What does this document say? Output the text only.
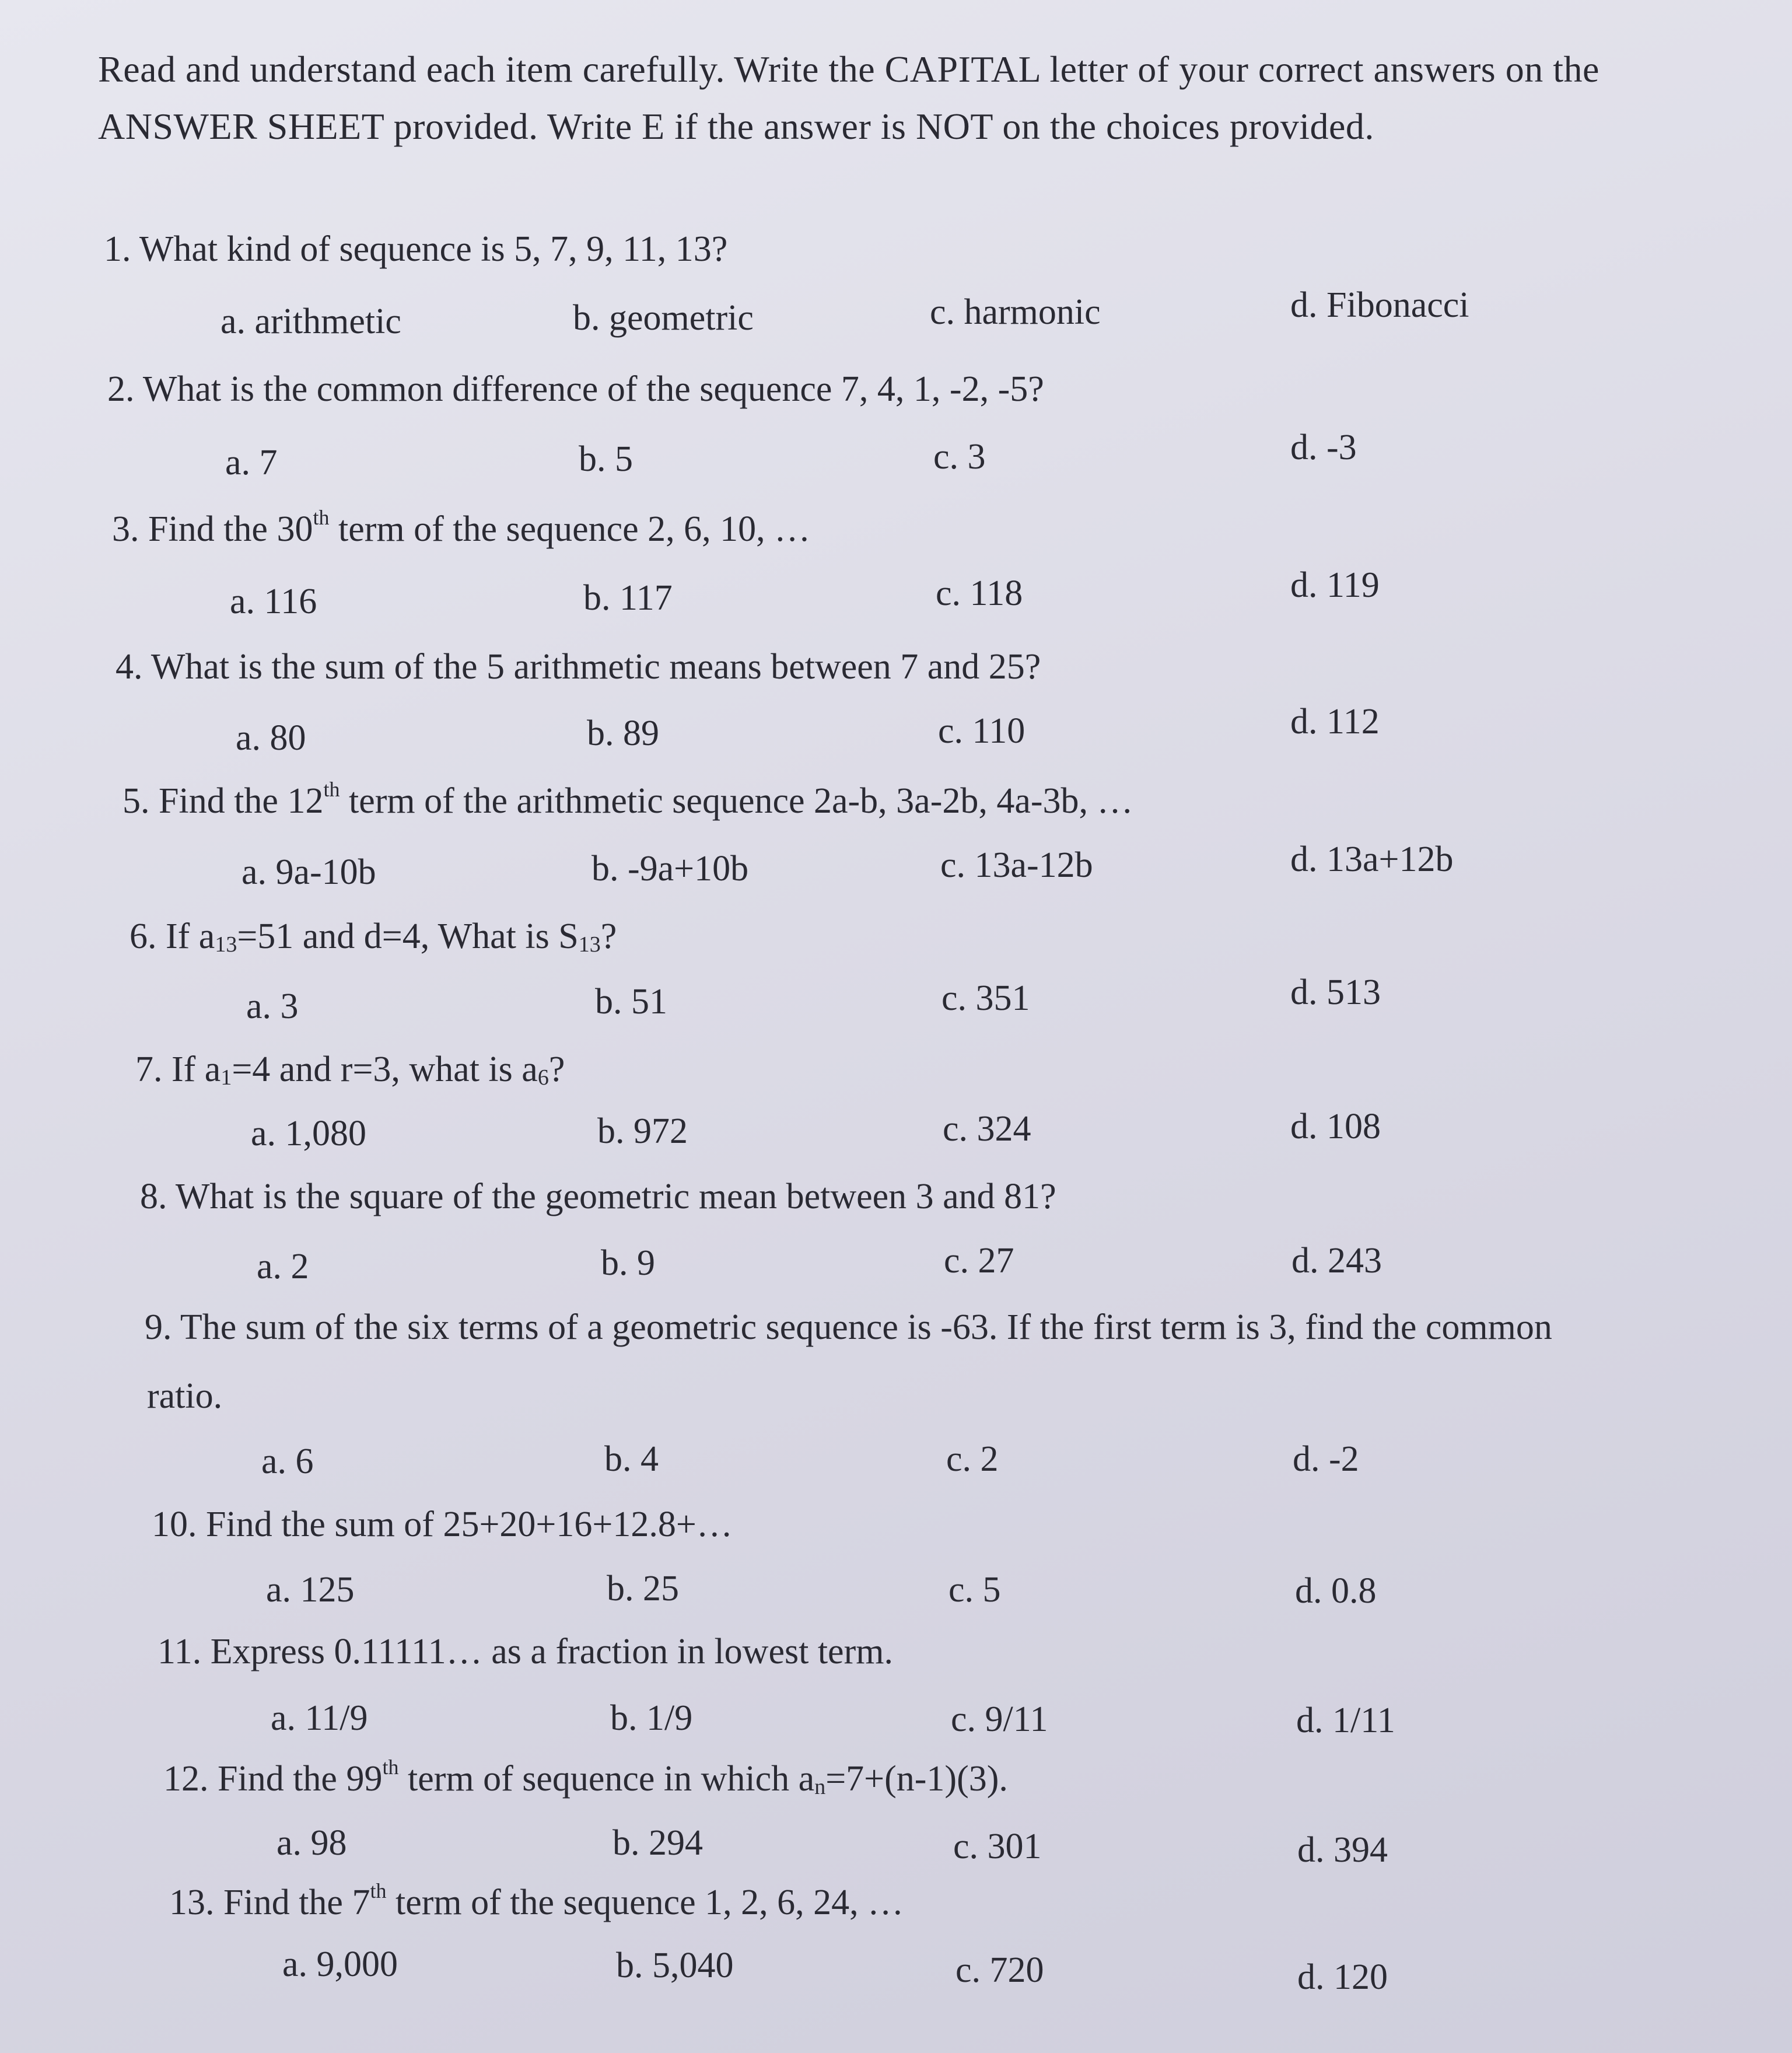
Read and understand each item carefully. Write the CAPITAL letter of your correct answers on the ANSWER SHEET provided. Write E if the answer is NOT on the choices provided.
1. What kind of sequence is 5, 7, 9, 11, 13?
a. arithmetic	b. geometric	c. harmonic	d. Fibonacci
2. What is the common difference of the sequence 7, 4, 1, -2, -5?
a. 7	b. 5	c. 3	d. -3
3. Find the 30th term of the sequence 2, 6, 10, …
a. 116	b. 117	c. 118	d. 119
4. What is the sum of the 5 arithmetic means between 7 and 25?
a. 80	b. 89	c. 110	d. 112
5. Find the 12th term of the arithmetic sequence 2a-b, 3a-2b, 4a-3b, …
a. 9a-10b	b. -9a+10b	c. 13a-12b	d. 13a+12b
6. If $a_{13}=51$ and d=4, What is $S_{13}$?
a. 3	b. 51	c. 351	d. 513
7. If $a_1=4$ and r=3, what is $a_6$?
a. 1,080	b. 972	c. 324	d. 108
8. What is the square of the geometric mean between 3 and 81?
a. 2	b. 9	c. 27	d. 243
9. The sum of the six terms of a geometric sequence is -63. If the first term is 3, find the common
ratio.
a. 6	b. 4	c. 2	d. -2
10. Find the sum of 25+20+16+12.8+…
a. 125	b. 25	c. 5	d. 0.8
11. Express 0.11111… as a fraction in lowest term.
a. 11/9	b. 1/9	c. 9/11	d. 1/11
12. Find the 99th term of sequence in which $a_n=7+(n-1)(3)$.
a. 98	b. 294	c. 301	d. 394
13. Find the 7th term of the sequence 1, 2, 6, 24, …
a. 9,000	b. 5,040	c. 720	d. 120
